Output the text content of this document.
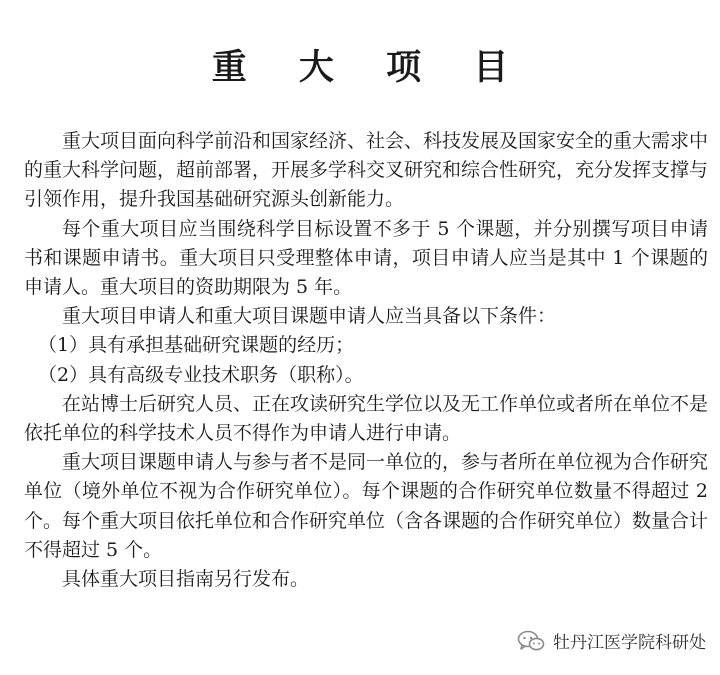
重 大 项 目

重大项目面向科学前沿和国家经济、社会、科技发展及国家安全的重大需求中的重大科学问题，超前部署，开展多学科交叉研究和综合性研究，充分发挥支撑与引领作用，提升我国基础研究源头创新能力。

每个重大项目应当围绕科学目标设置不多于 5 个课题，并分别撰写项目申请书和课题申请书。重大项目只受理整体申请，项目申请人应当是其中 1 个课题的申请人。重大项目的资助期限为 5 年。

重大项目申请人和重大项目课题申请人应当具备以下条件：

（1）具有承担基础研究课题的经历；

（2）具有高级专业技术职务（职称）。

在站博士后研究人员、正在攻读研究生学位以及无工作单位或者所在单位不是依托单位的科学技术人员不得作为申请人进行申请。

重大项目课题申请人与参与者不是同一单位的，参与者所在单位视为合作研究单位（境外单位不视为合作研究单位）。每个课题的合作研究单位数量不得超过 2 个。每个重大项目依托单位和合作研究单位（含各课题的合作研究单位）数量合计不得超过 5 个。

具体重大项目指南另行发布。

牡丹江医学院科研处
